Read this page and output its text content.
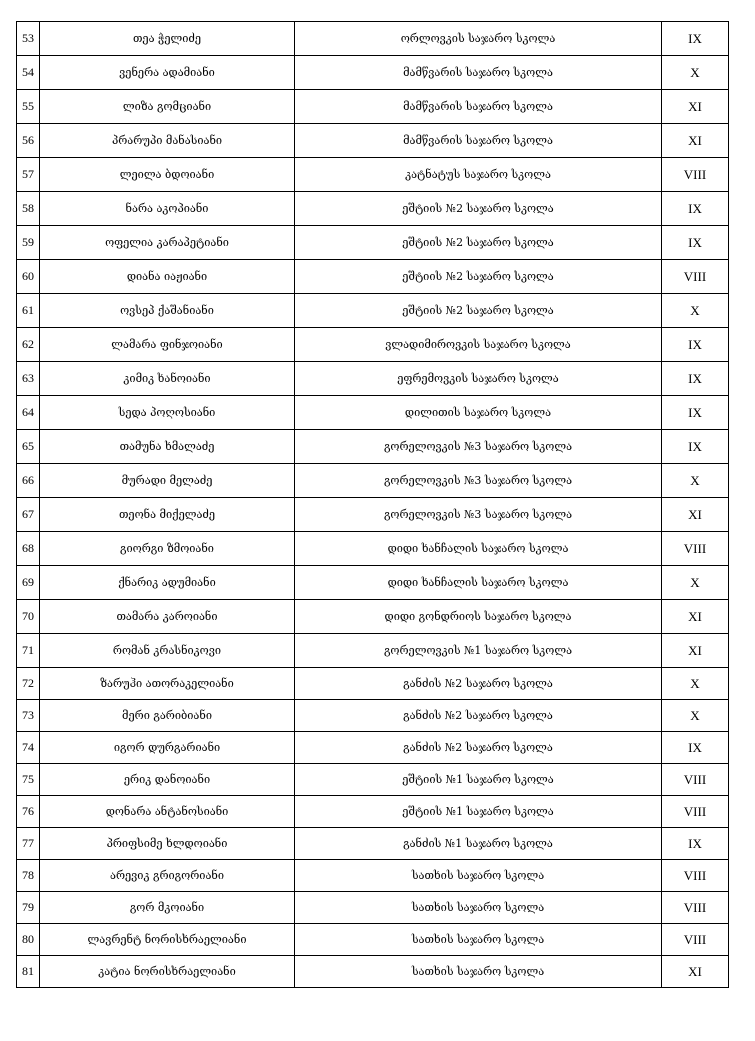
53	თეა ჭელიძე	ორლოვკის საჯარო სკოლა	IX
54	ვენერა ადამიანი	მამწვარის საჯარო სკოლა	X
55	ლიზა გომციანი	მამწვარის საჯარო სკოლა	XI
56	პრარუპი მანასიანი	მამწვარის საჯარო სკოლა	XI
57	ლეილა ბდოიანი	კატნატუს საჯარო სკოლა	VIII
58	ნარა აკოპიანი	ეშტიის №2 საჯარო სკოლა	IX
59	ოფელია კარაპეტიანი	ეშტიის №2 საჯარო სკოლა	IX
60	დიანა იაჟიანი	ეშტიის №2 საჯარო სკოლა	VIII
61	ოვსეპ ქაშანიანი	ეშტიის №2 საჯარო სკოლა	X
62	ლამარა ფინჯოიანი	ვლადიმიროვკის საჯარო სკოლა	IX
63	კიმიკ ხანოიანი	ეფრემოვკის საჯარო სკოლა	IX
64	სედა პოღოსიანი	დილითის საჯარო სკოლა	IX
65	თამუნა ხმალაძე	გორელოვკის №3 საჯარო სკოლა	IX
66	მურადი მელაძე	გორელოვკის №3 საჯარო სკოლა	X
67	თეონა მიქელაძე	გორელოვკის №3 საჯარო სკოლა	XI
68	გიორგი ზმოიანი	დიდი ხანჩალის საჯარო სკოლა	VIII
69	ქნარიკ ადუმიანი	დიდი ხანჩალის საჯარო სკოლა	X
70	თამარა კაროიანი	დიდი გონდრიოს საჯარო სკოლა	XI
71	რომან კრასნიკოვი	გორელოვკის №1 საჯარო სკოლა	XI
72	ზარუჰი ათორაკელიანი	განძის №2 საჯარო სკოლა	X
73	მერი გარიბიანი	განძის №2 საჯარო სკოლა	X
74	იგორ დურგარიანი	განძის №2 საჯარო სკოლა	IX
75	ერიკ დანოიანი	ეშტიის №1 საჯარო სკოლა	VIII
76	დონარა ანტანოსიანი	ეშტიის №1 საჯარო სკოლა	VIII
77	პრიფსიმე ხლდოიანი	განძის №1 საჯარო სკოლა	IX
78	არევიკ გრიგორიანი	სათხის საჯარო სკოლა	VIII
79	გორ მკოიანი	სათხის საჯარო სკოლა	VIII
80	ლავრენტ ნორისხრაელიანი	სათხის საჯარო სკოლა	VIII
81	კატია ნორისხრაელიანი	სათხის საჯარო სკოლა	XI
